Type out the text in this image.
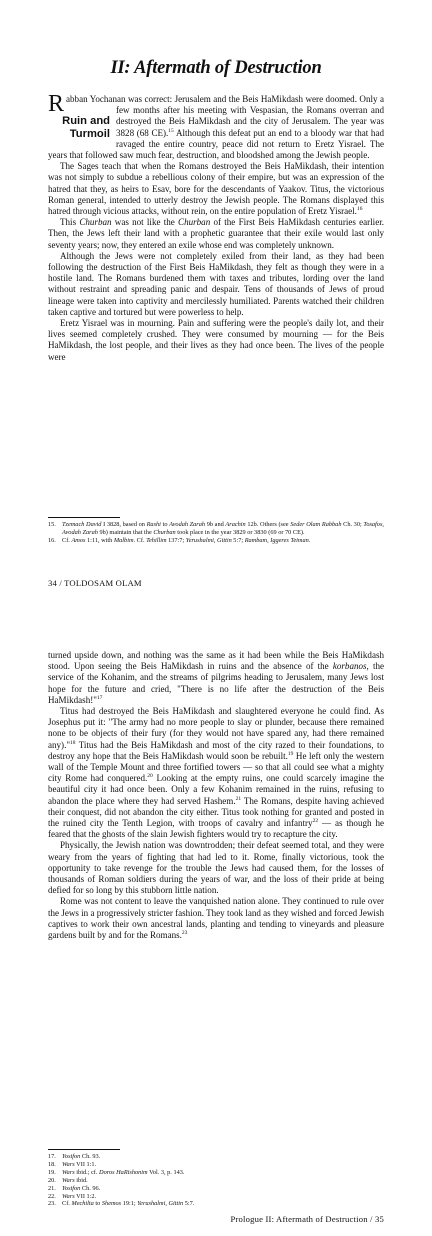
II: Aftermath of Destruction

R
Ruin and Turmoil
abban Yochanan was correct: Jerusalem and the Beis HaMikdash were doomed. Only a few months after his meeting with Vespasian, the Romans overran and destroyed the Beis HaMikdash and the city of Jerusalem. The year was 3828 (68 CE).$^{15}$ Although this defeat put an end to a bloody war that had ravaged the entire country, peace did not return to Eretz Yisrael. The years that followed saw much fear, destruction, and bloodshed among the Jewish people.

The Sages teach that when the Romans destroyed the Beis HaMikdash, their intention was not simply to subdue a rebellious colony of their empire, but was an expression of the hatred that they, as heirs to Esav, bore for the descendants of Yaakov. Titus, the victorious Roman general, intended to utterly destroy the Jewish people. The Romans displayed this hatred through vicious attacks, without rein, on the entire population of Eretz Yisrael.$^{16}$

This Churban was not like the Churban of the First Beis HaMikdash centuries earlier. Then, the Jews left their land with a prophetic guarantee that their exile would last only seventy years; now, they entered an exile whose end was completely unknown.

Although the Jews were not completely exiled from their land, as they had been following the destruction of the First Beis HaMikdash, they felt as though they were in a hostile land. The Romans burdened them with taxes and tributes, lording over the land without restraint and spreading panic and despair. Tens of thousands of Jews of proud lineage were taken into captivity and mercilessly humiliated. Parents watched their children taken captive and tortured but were powerless to help.

Eretz Yisrael was in mourning. Pain and suffering were the people's daily lot, and their lives seemed completely crushed. They were consumed by mourning — for the Beis HaMikdash, the lost people, and their lives as they had once been. The lives of the people were

15. Tzemach David I 3828, based on Rashi to Avodah Zarah 9b and Arachin 12b. Others (see Seder Olam Rabbah Ch. 30; Tosafos, Avodah Zarah 9b) maintain that the Churban took place in the year 3829 or 3830 (69 or 70 CE).
16. Cf. Amos 1:11, with Malbim. Cf. Tehillim 137:7; Yerushalmi, Gittin 5:7; Rambam, Iggeres Teiman.
34 / TOLDOSAM OLAM

turned upside down, and nothing was the same as it had been while the Beis HaMikdash stood. Upon seeing the Beis HaMikdash in ruins and the absence of the korbanos, the service of the Kohanim, and the streams of pilgrims heading to Jerusalem, many Jews lost hope for the future and cried, "There is no life after the destruction of the Beis HaMikdash!"$^{17}$

Titus had destroyed the Beis HaMikdash and slaughtered everyone he could find. As Josephus put it: "The army had no more people to slay or plunder, because there remained none to be objects of their fury (for they would not have spared any, had there remained any)."$^{18}$ Titus had the Beis HaMikdash and most of the city razed to their foundations, to destroy any hope that the Beis HaMikdash would soon be rebuilt.$^{19}$ He left only the western wall of the Temple Mount and three fortified towers — so that all could see what a mighty city Rome had conquered.$^{20}$ Looking at the empty ruins, one could scarcely imagine the beautiful city it had once been. Only a few Kohanim remained in the ruins, refusing to abandon the place where they had served Hashem.$^{21}$ The Romans, despite having achieved their conquest, did not abandon the city either. Titus took nothing for granted and posted in the ruined city the Tenth Legion, with troops of cavalry and infantry$^{22}$ — as though he feared that the ghosts of the slain Jewish fighters would try to recapture the city.

Physically, the Jewish nation was downtrodden; their defeat seemed total, and they were weary from the years of fighting that had led to it. Rome, finally victorious, took the opportunity to take revenge for the trouble the Jews had caused them, for the losses of thousands of Roman soldiers during the years of war, and the loss of their pride at being defied for so long by this stubborn little nation.

Rome was not content to leave the vanquished nation alone. They continued to rule over the Jews in a progressively stricter fashion. They took land as they wished and forced Jewish captives to work their own ancestral lands, planting and tending to vineyards and pleasure gardens built by and for the Romans.$^{23}$

17. Yosifon Ch. 93.
18. Wars VII 1:1.
19. Wars ibid.; cf. Doros HaRishonim Vol. 3, p. 143.
20. Wars ibid.
21. Yosifon Ch. 96.
22. Wars VII 1:2.
23. Cf. Mechilta to Shemos 19:1; Yerushalmi, Gittin 5:7.
Prologue II: Aftermath of Destruction / 35
